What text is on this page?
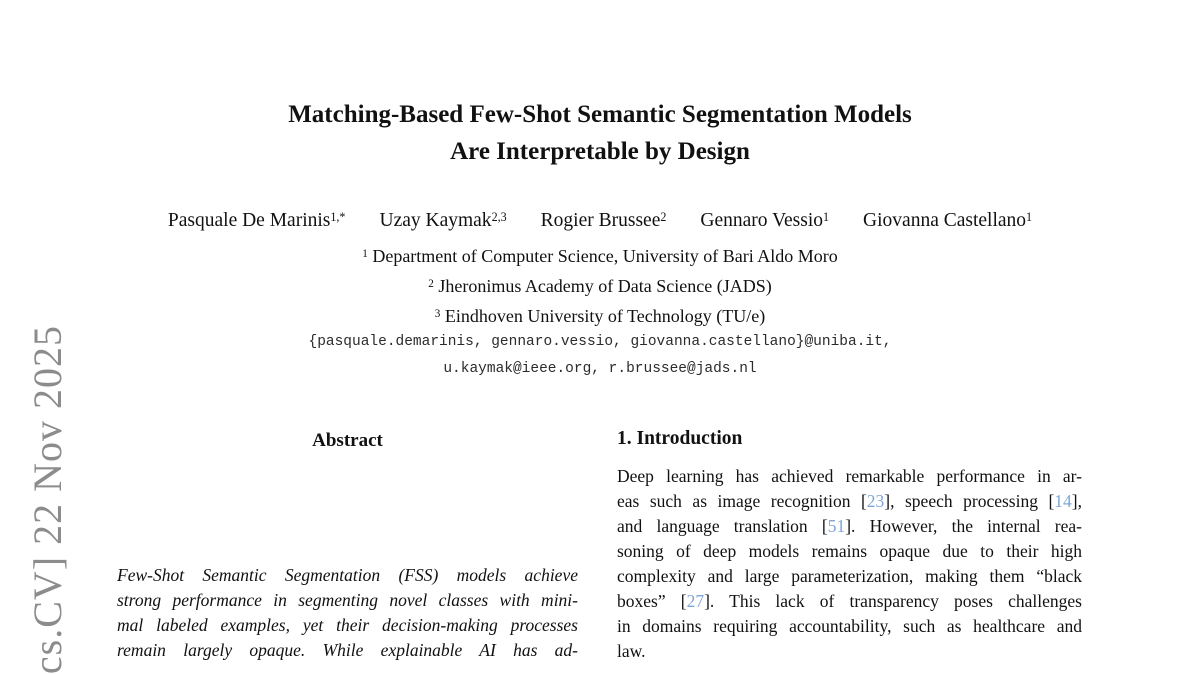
cs.CV] 22 Nov 2025
Matching-Based Few-Shot Semantic Segmentation Models
Are Interpretable by Design
Pasquale De Marinis$^{1,*}$ Uzay Kaymak$^{2,3}$ Rogier Brussee$^2$ Gennaro Vessio$^1$ Giovanna Castellano$^1$
$^1$ Department of Computer Science, University of Bari Aldo Moro
$^2$ Jheronimus Academy of Data Science (JADS)
$^3$ Eindhoven University of Technology (TU/e)
{pasquale.demarinis, gennaro.vessio, giovanna.castellano}@uniba.it,
u.kaymak@ieee.org, r.brussee@jads.nl
Abstract
Few-Shot Semantic Segmentation (FSS) models achieve
strong performance in segmenting novel classes with mini-
mal labeled examples, yet their decision-making processes
remain largely opaque. While explainable AI has ad-
1. Introduction
Deep learning has achieved remarkable performance in ar-
eas such as image recognition [23], speech processing [14],
and language translation [51]. However, the internal rea-
soning of deep models remains opaque due to their high
complexity and large parameterization, making them “black
boxes” [27]. This lack of transparency poses challenges
in domains requiring accountability, such as healthcare and
law.
